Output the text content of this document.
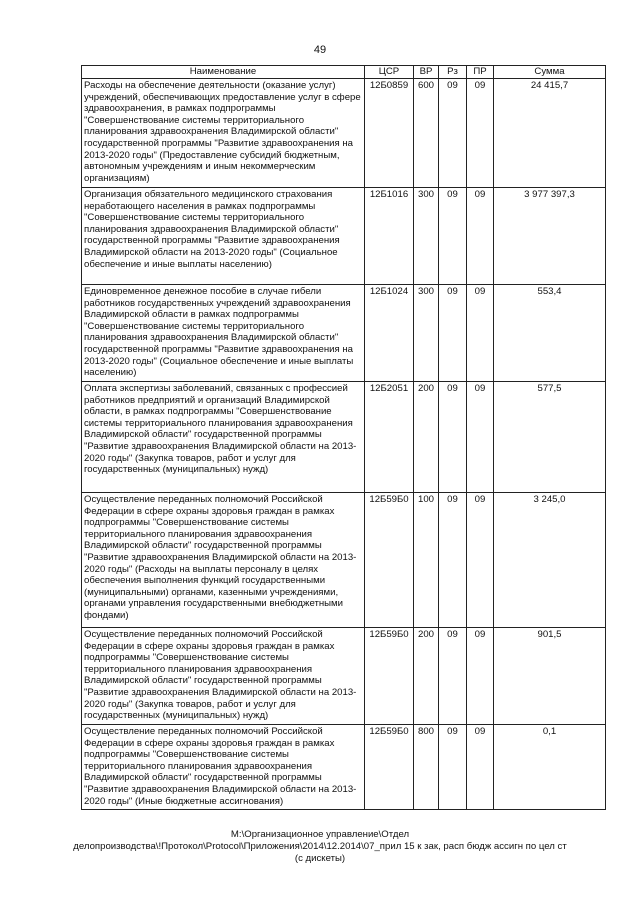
49
Наименование	ЦСР	ВР	Рз	ПР	Сумма
Расходы на обеспечение деятельности (оказание услуг) учреждений, обеспечивающих предоставление услуг в сфере здравоохранения, в рамках подпрограммы "Совершенствование системы территориального планирования здравоохранения Владимирской области" государственной программы "Развитие здравоохранения на 2013-2020 годы" (Предоставление субсидий бюджетным, автономным учреждениям и иным некоммерческим организациям)	12Б0859	600	09	09	24 415,7
Организация обязательного медицинского страхования неработающего населения в рамках подпрограммы "Совершенствование системы территориального планирования здравоохранения Владимирской области" государственной программы "Развитие здравоохранения Владимирской области на 2013-2020 годы" (Социальное обеспечение и иные выплаты населению)	12Б1016	300	09	09	3 977 397,3
Единовременное денежное пособие в случае гибели работников государственных учреждений здравоохранения Владимирской области в рамках подпрограммы "Совершенствование системы территориального планирования здравоохранения Владимирской области" государственной программы "Развитие здравоохранения на 2013-2020 годы" (Социальное обеспечение и иные выплаты населению)	12Б1024	300	09	09	553,4
Оплата экспертизы заболеваний, связанных с профессией работников предприятий и организаций Владимирской области, в рамках подпрограммы "Совершенствование системы территориального планирования здравоохранения Владимирской области" государственной программы "Развитие здравоохранения Владимирской области на 2013-2020 годы" (Закупка товаров, работ и услуг для государственных (муниципальных) нужд)	12Б2051	200	09	09	577,5
Осуществление переданных полномочий Российской Федерации в сфере охраны здоровья граждан в рамках подпрограммы "Совершенствование системы территориального планирования здравоохранения Владимирской области" государственной программы "Развитие здравоохранения Владимирской области на 2013-2020 годы" (Расходы на выплаты персоналу в целях обеспечения выполнения функций государственными (муниципальными) органами, казенными учреждениями, органами управления государственными внебюджетными фондами)	12Б59Б0	100	09	09	3 245,0
Осуществление переданных полномочий Российской Федерации в сфере охраны здоровья граждан в рамках подпрограммы "Совершенствование системы территориального планирования здравоохранения Владимирской области" государственной программы "Развитие здравоохранения Владимирской области на 2013-2020 годы" (Закупка товаров, работ и услуг для государственных (муниципальных) нужд)	12Б59Б0	200	09	09	901,5
Осуществление переданных полномочий Российской Федерации в сфере охраны здоровья граждан в рамках подпрограммы "Совершенствование системы территориального планирования здравоохранения Владимирской области" государственной программы "Развитие здравоохранения Владимирской области на 2013-2020 годы" (Иные бюджетные ассигнования)	12Б59Б0	800	09	09	0,1
М:\Организационное управление\Отдел
делопроизводства\!Протокол\Protocol\Приложения\2014\12.2014\07_прил 15 к зак, расп бюдж ассигн по цел ст
(с дискеты)
